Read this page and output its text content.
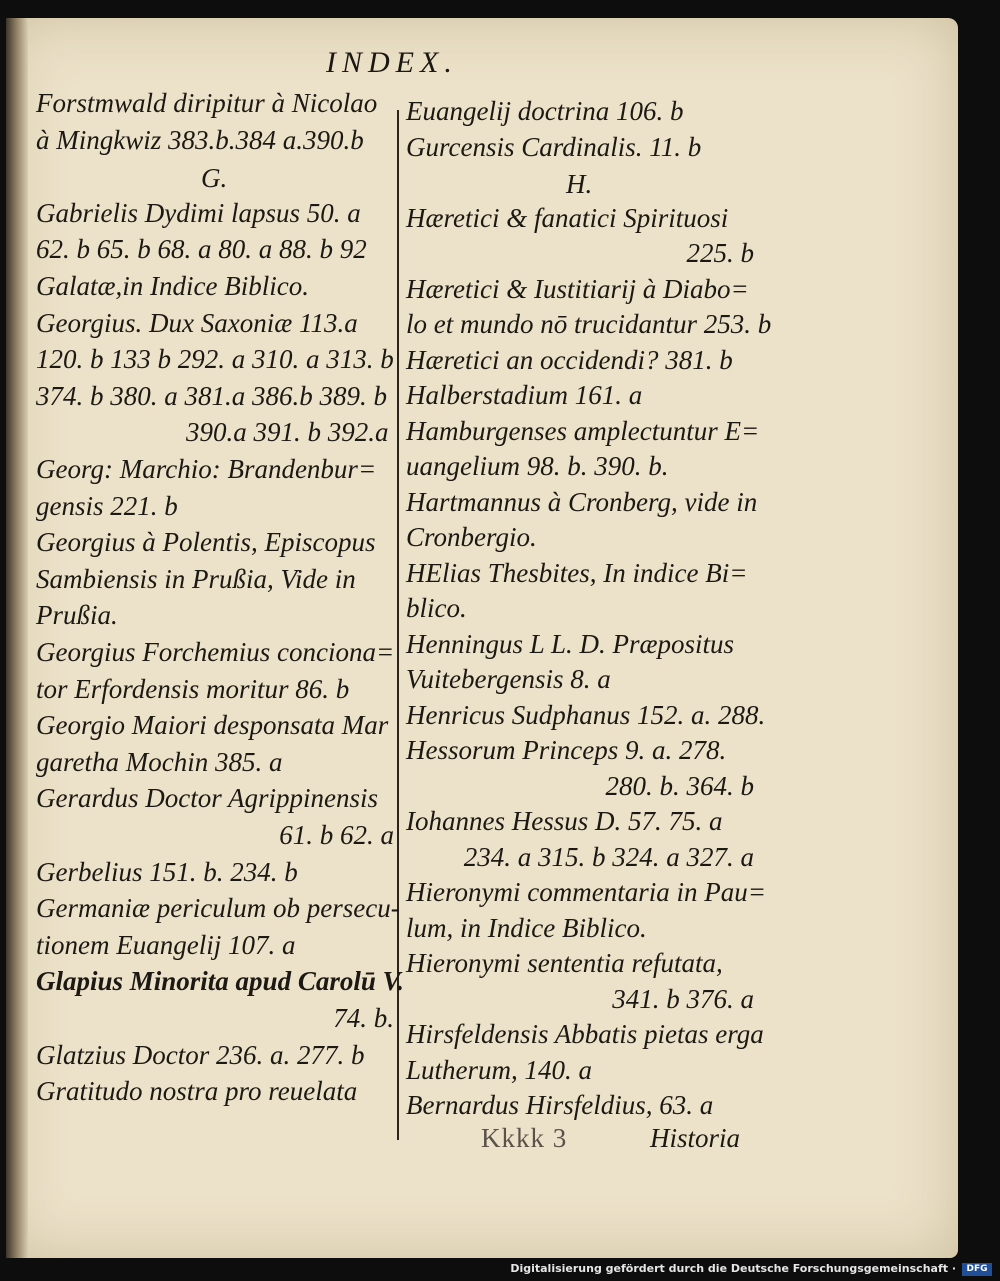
INDEX.
Forstmwald diripitur à Nicolao
à Mingkwiz 383.b.384 a.390.b
G.
Gabrielis Dydimi lapsus 50. a
62. b 65. b 68. a 80. a 88. b 92
Galatæ,in Indice Biblico.
Georgius. Dux Saxoniæ 113.a
120. b 133 b 292. a 310. a 313. b
374. b 380. a 381.a 386.b 389. b
390.a 391. b 392.a
Georg: Marchio: Brandenbur=
gensis 221. b
Georgius à Polentis, Episcopus
Sambiensis in Prußia, Vide in
Prußia.
Georgius Forchemius conciona=
tor Erfordensis moritur 86. b
Georgio Maiori desponsata Mar
garetha Mochin 385. a
Gerardus Doctor Agrippinensis
61. b 62. a
Gerbelius 151. b. 234. b
Germaniæ periculum ob persecu-
tionem Euangelij 107. a
Glapius Minorita apud Carolū V.
74. b.
Glatzius Doctor 236. a. 277. b
Gratitudo nostra pro reuelata
Euangelij doctrina 106. b
Gurcensis Cardinalis. 11. b
H.
Hæretici & fanatici Spirituosi
225. b
Hæretici & Iustitiarij à Diabo=
lo et mundo nō trucidantur 253. b
Hæretici an occidendi? 381. b
Halberstadium 161. a
Hamburgenses amplectuntur E=
uangelium 98. b. 390. b.
Hartmannus à Cronberg, vide in
Cronbergio.
HElias Thesbites, In indice Bi=
blico.
Henningus L L. D. Præpositus
Vuitebergensis 8. a
Henricus Sudphanus 152. a. 288.
Hessorum Princeps 9. a. 278.
280. b. 364. b
Iohannes Hessus D. 57. 75. a
234. a 315. b 324. a 327. a
Hieronymi commentaria in Pau=
lum, in Indice Biblico.
Hieronymi sententia refutata,
341. b 376. a
Hirsfeldensis Abbatis pietas erga
Lutherum, 140. a
Bernardus Hirsfeldius, 63. a
Kkkk 3	Historia
Digitalisierung gefördert durch die Deutsche Forschungsgemeinschaft ·	DFG
